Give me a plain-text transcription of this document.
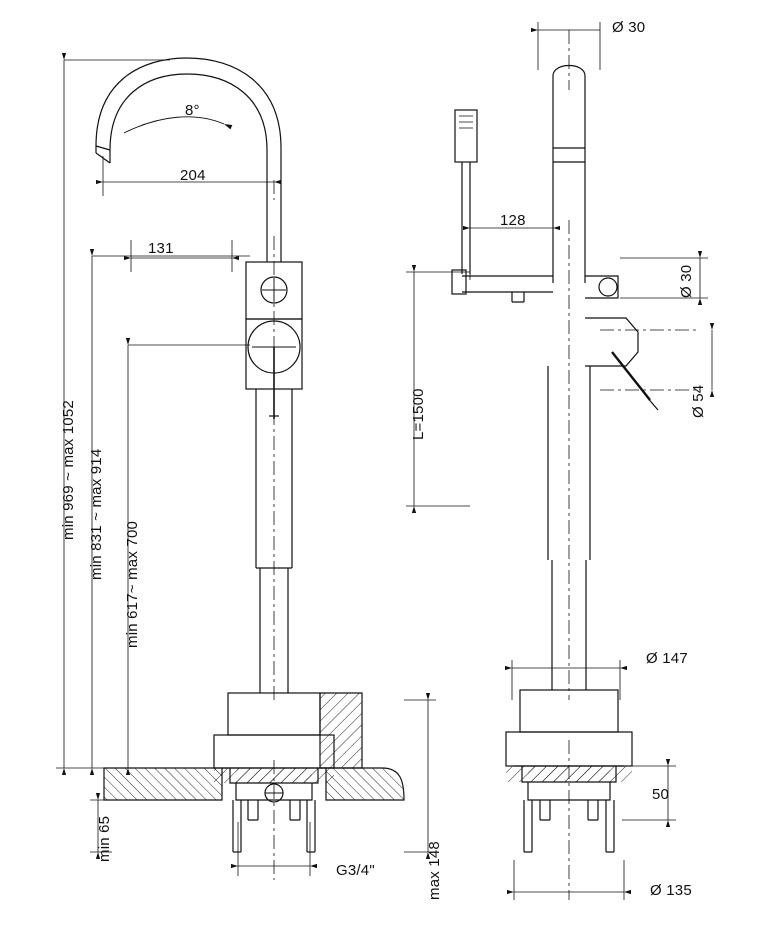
8°
204
131
min 969 ~ max 1052 min 831 ~ max 914
min 617~ max 700
min 65
G3/4"	max 148
Ø 30
128
L=1500
Ø 30
Ø 54
Ø 147
50
Ø 135
